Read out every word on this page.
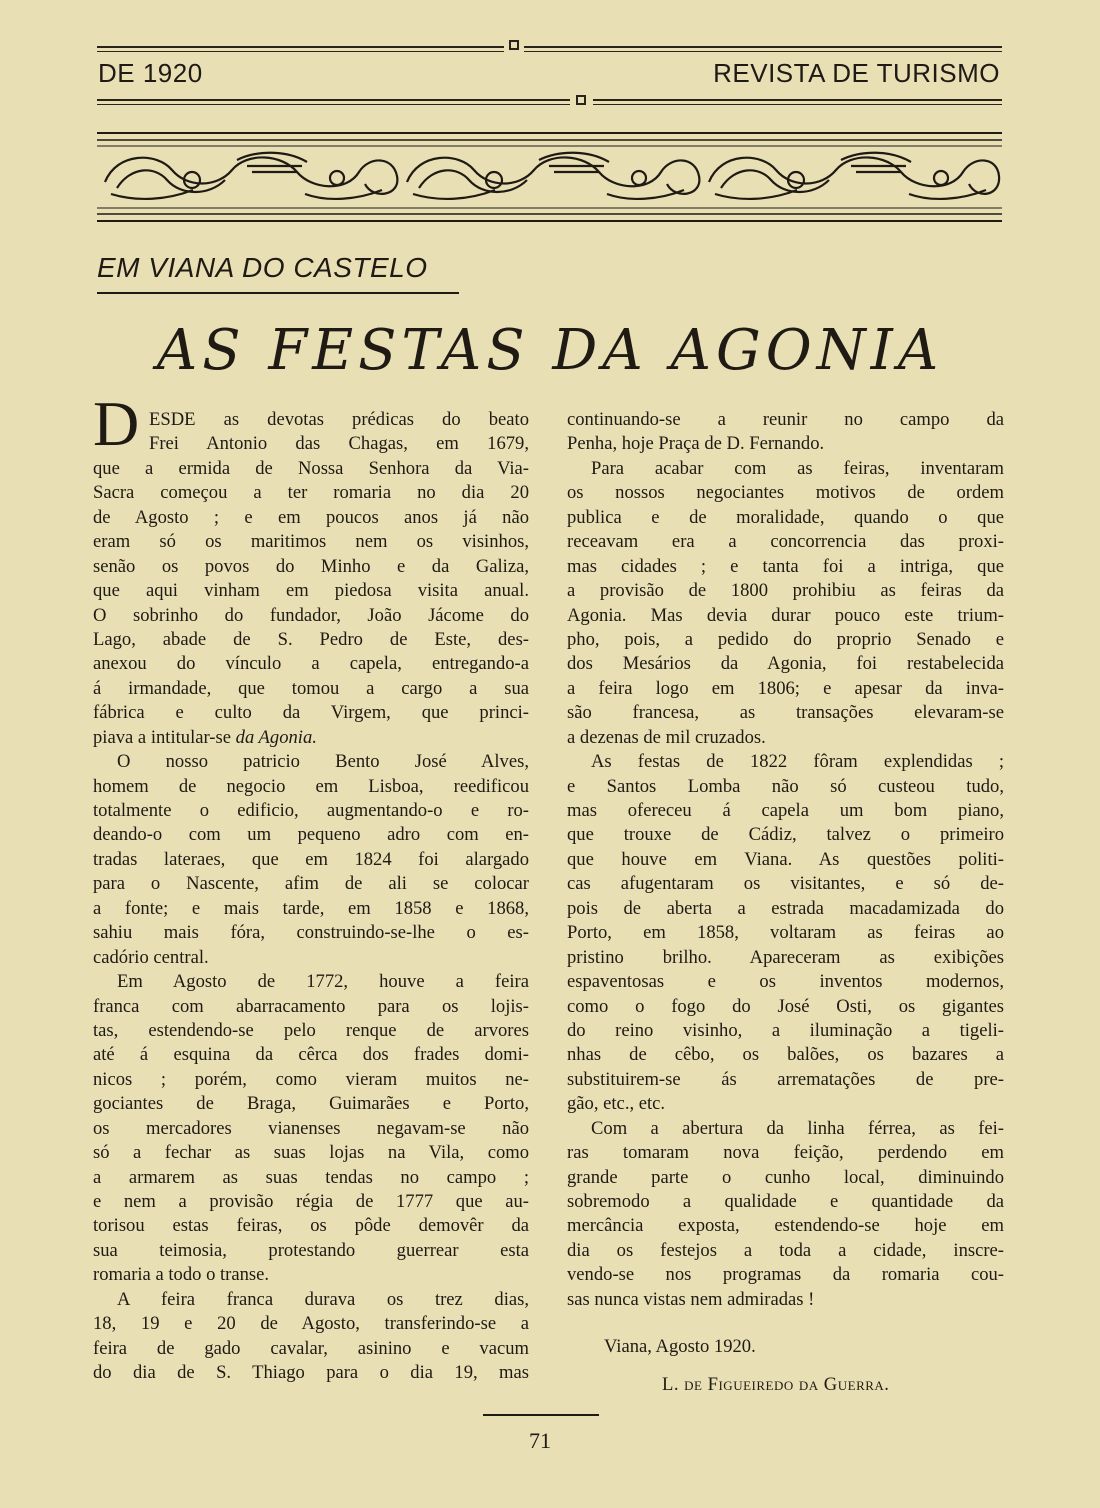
DE 1920	REVISTA DE TURISMO
EM VIANA DO CASTELO
AS FESTAS DA AGONIA
D ESDE as devotas prédicas do beato
Frei Antonio das Chagas, em 1679,
que a ermida de Nossa Senhora da Via-
Sacra começou a ter romaria no dia 20
de Agosto ; e em poucos anos já não
eram só os maritimos nem os visinhos,
senão os povos do Minho e da Galiza,
que aqui vinham em piedosa visita anual.
O sobrinho do fundador, João Jácome do
Lago, abade de S. Pedro de Este, des-
anexou do vínculo a capela, entregando-a
á irmandade, que tomou a cargo a sua
fábrica e culto da Virgem, que princi-
piava a intitular-se da Agonia.
O nosso patricio Bento José Alves,
homem de negocio em Lisboa, reedificou
totalmente o edificio, augmentando-o e ro-
deando-o com um pequeno adro com en-
tradas lateraes, que em 1824 foi alargado
para o Nascente, afim de ali se colocar
a fonte; e mais tarde, em 1858 e 1868,
sahiu mais fóra, construindo-se-lhe o es-
cadório central.
Em Agosto de 1772, houve a feira
franca com abarracamento para os lojis-
tas, estendendo-se pelo renque de arvores
até á esquina da cêrca dos frades domi-
nicos ; porém, como vieram muitos ne-
gociantes de Braga, Guimarães e Porto,
os mercadores vianenses negavam-se não
só a fechar as suas lojas na Vila, como
a armarem as suas tendas no campo ;
e nem a provisão régia de 1777 que au-
torisou estas feiras, os pôde demovêr da
sua teimosia, protestando guerrear esta
romaria a todo o transe.
A feira franca durava os trez dias,
18, 19 e 20 de Agosto, transferindo-se a
feira de gado cavalar, asinino e vacum
do dia de S. Thiago para o dia 19, mas
continuando-se a reunir no campo da
Penha, hoje Praça de D. Fernando.
Para acabar com as feiras, inventaram
os nossos negociantes motivos de ordem
publica e de moralidade, quando o que
receavam era a concorrencia das proxi-
mas cidades ; e tanta foi a intriga, que
a provisão de 1800 prohibiu as feiras da
Agonia. Mas devia durar pouco este trium-
pho, pois, a pedido do proprio Senado e
dos Mesários da Agonia, foi restabelecida
a feira logo em 1806; e apesar da inva-
são francesa, as transações elevaram-se
a dezenas de mil cruzados.
As festas de 1822 fôram explendidas ;
e Santos Lomba não só custeou tudo,
mas ofereceu á capela um bom piano,
que trouxe de Cádiz, talvez o primeiro
que houve em Viana. As questões politi-
cas afugentaram os visitantes, e só de-
pois de aberta a estrada macadamizada do
Porto, em 1858, voltaram as feiras ao
pristino brilho. Apareceram as exibições
espaventosas e os inventos modernos,
como o fogo do José Osti, os gigantes
do reino visinho, a iluminação a tigeli-
nhas de cêbo, os balões, os bazares a
substituirem-se ás arrematações de pre-
gão, etc., etc.
Com a abertura da linha férrea, as fei-
ras tomaram nova feição, perdendo em
grande parte o cunho local, diminuindo
sobremodo a qualidade e quantidade da
mercância exposta, estendendo-se hoje em
dia os festejos a toda a cidade, inscre-
vendo-se nos programas da romaria cou-
sas nunca vistas nem admiradas !
Viana, Agosto 1920.
L. de Figueiredo da Guerra.
71
